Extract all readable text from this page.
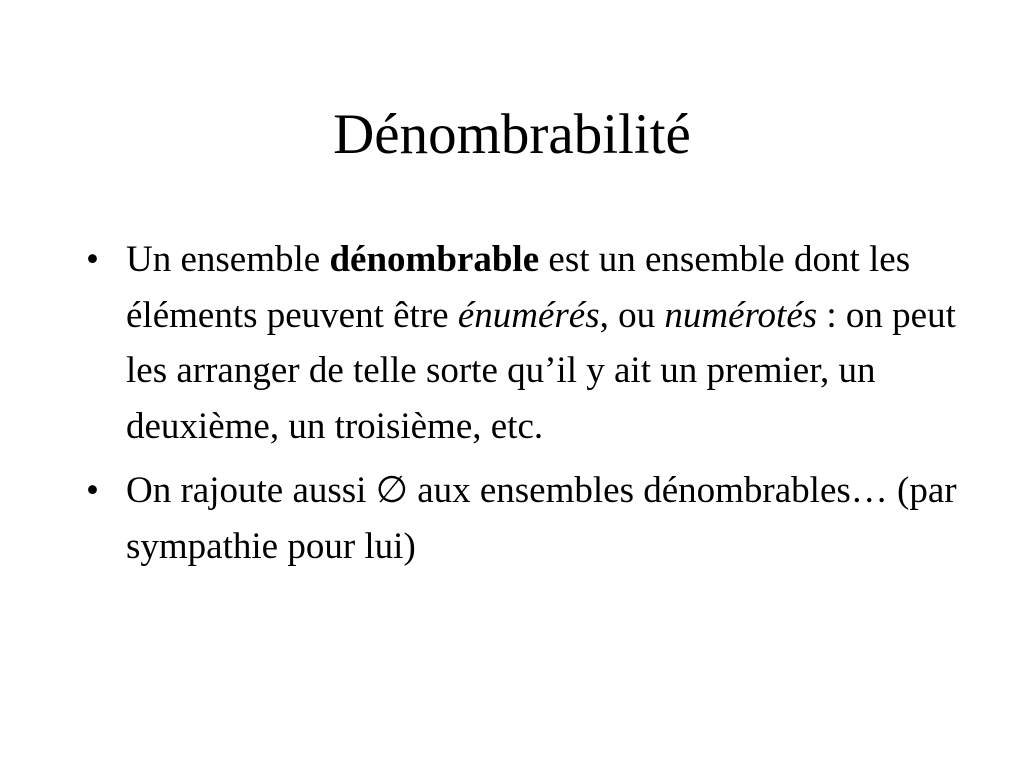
Dénombrabilité
• Un ensemble dénombrable est un ensemble dont les éléments peuvent être énumérés, ou numérotés : on peut les arranger de telle sorte qu’il y ait un premier, un deuxième, un troisième, etc.
• On rajoute aussi ∅ aux ensembles dénombrables… (par sympathie pour lui)
